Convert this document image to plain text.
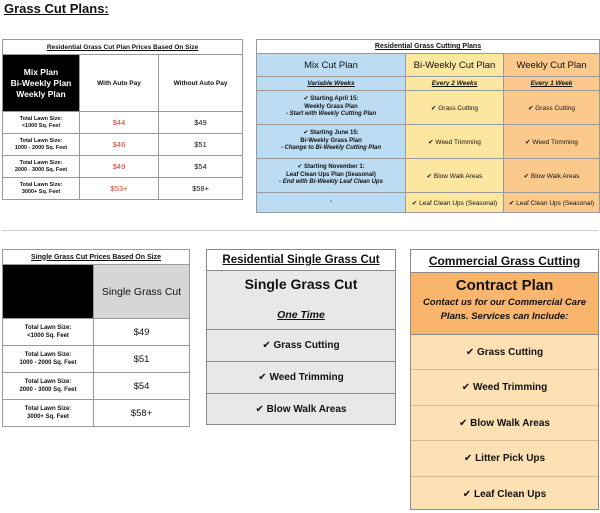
Grass Cut Plans:
Residential Grass Cut Plan Prices Based On Size		

Mix Plan
Bi-Weekly Plan
Weekly Plan	With Auto Pay	Without Auto Pay

Total Lawn Size:
<1000 Sq. Feet	$44	$49

Total Lawn Size:
1000 - 2000 Sq. Feet	$46	$51

Total Lawn Size:
2000 - 3000 Sq. Feet	$49	$54

Total Lawn Size:
3000+ Sq. Feet	$53+	$58+
Residential Grass Cutting Plans		
Mix Cut Plan	Bi-Weekly Cut Plan	Weekly Cut Plan
Variable Weeks	Every 2 Weeks	Every 1 Week

✔ Starting April 15:
Weekly Grass Plan
- Start with Weekly Cutting Plan	✔ Grass Cutting	✔ Grass Cutting

✔ Starting June 15:
Bi-Weekly Grass Plan
- Change to Bi-Weekly Cutting Plan	✔ Weed Trimming	✔ Weed Trimming

✔ Starting November 1:
Leaf Clean Ups Plan (Seasonal)
- End with Bi-Weekly Leaf Clean Ups	✔ Blow Walk Areas	✔ Blow Walk Areas
-	✔ Leaf Clean Ups (Seasonal)	✔ Leaf Clean Ups (Seasonal)
Single Grass Cut Prices Based On Size	
	Single Grass Cut

Total Lawn Size:
<1000 Sq. Feet	$49

Total Lawn Size:
1000 - 2000 Sq. Feet	$51

Total Lawn Size:
2000 - 3000 Sq. Feet	$54

Total Lawn Size:
3000+ Sq. Feet	$58+
Residential Single Grass Cut
Single Grass Cut
One Time
✔ Grass Cutting
✔ Weed Trimming
✔ Blow Walk Areas
Commercial Grass Cutting
Contract Plan
Contact us for our Commercial Care Plans. Services can Include:
✔ Grass Cutting
✔ Weed Trimming
✔ Blow Walk Areas
✔ Litter Pick Ups
✔ Leaf Clean Ups
